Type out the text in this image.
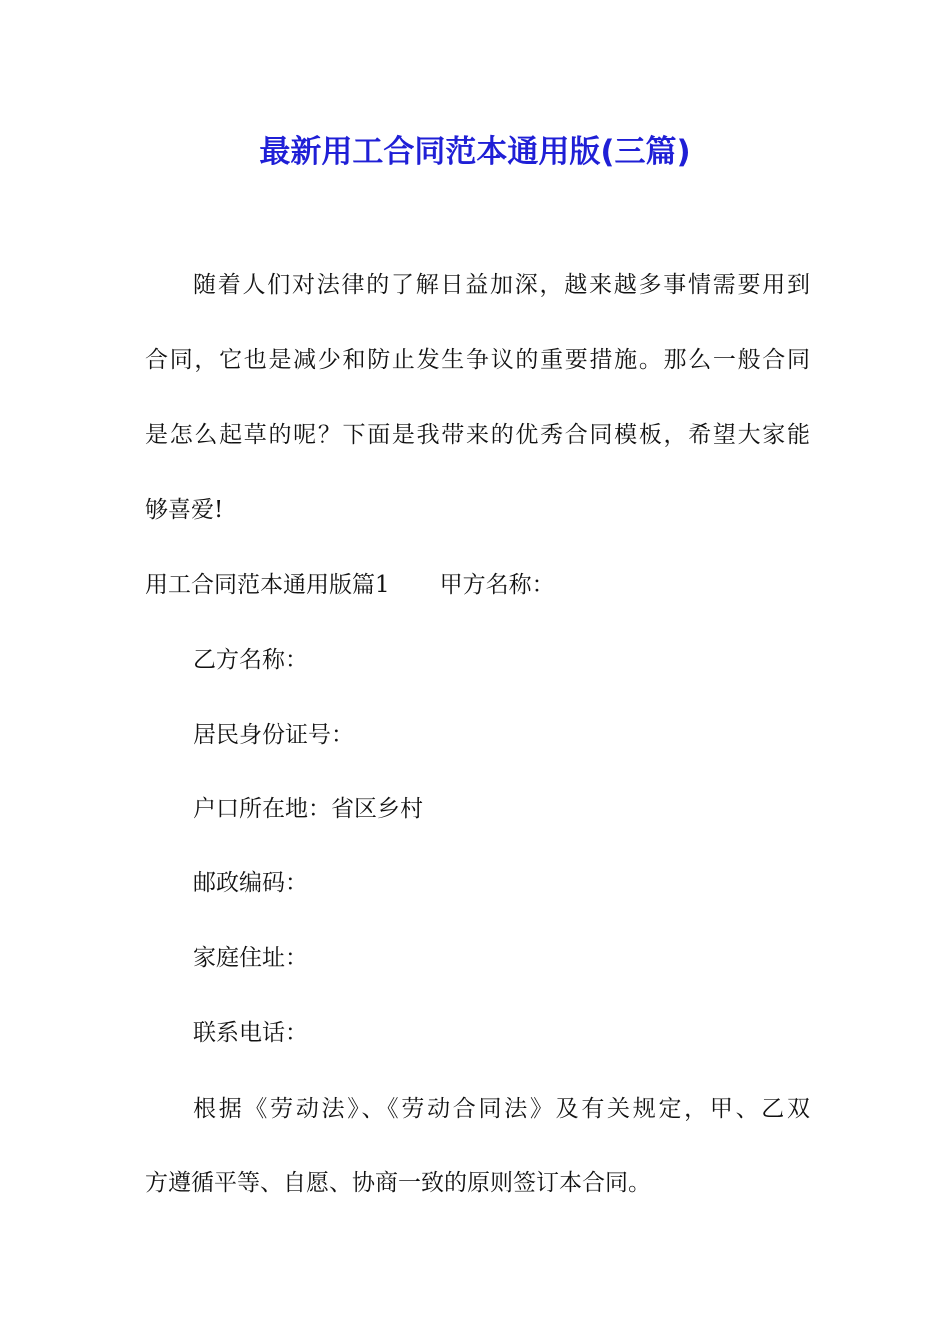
最新用工合同范本通用版(三篇)
随着人们对法律的了解日益加深，越来越多事情需要用到
合同，它也是减少和防止发生争议的重要措施。那么一般合同
是怎么起草的呢？下面是我带来的优秀合同模板，希望大家能
够喜爱!
用工合同范本通用版篇1 甲方名称：
乙方名称：
居民身份证号：
户口所在地：省区乡村
邮政编码：
家庭住址：
联系电话：
根据《劳动法》、《劳动合同法》及有关规定，甲、乙双
方遵循平等、自愿、协商一致的原则签订本合同。
